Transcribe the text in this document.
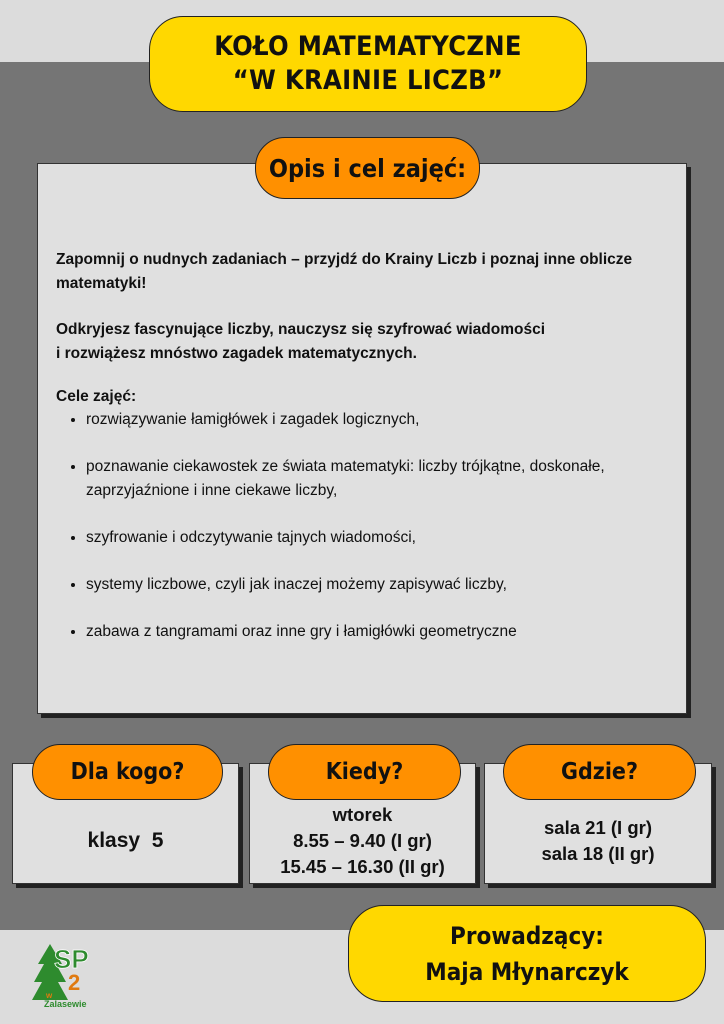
KOŁO MATEMATYCZNE
“W KRAINIE LICZB”
Opis i cel zajęć:

Zapomnij o nudnych zadaniach – przyjdź do Krainy Liczb i poznaj inne oblicze matematyki!

Odkryjesz fascynujące liczby, nauczysz się szyfrować wiadomości
i rozwiążesz mnóstwo zagadek matematycznych.

Cele zajęć:
• rozwiązywanie łamigłówek i zagadek logicznych,
• poznawanie ciekawostek ze świata matematyki: liczby trójkątne, doskonałe, zaprzyjaźnione i inne ciekawe liczby,
• szyfrowanie i odczytywanie tajnych wiadomości,
• systemy liczbowe, czyli jak inaczej możemy zapisywać liczby,
• zabawa z tangramami oraz inne gry i łamigłówki geometryczne
klasy  5
Dla kogo?
wtorek
8.55 – 9.40 (I gr)
15.45 – 16.30 (II gr)
Kiedy?
sala 21 (I gr)
sala 18 (II gr)
Gdzie?
Prowadzący:
Maja Młynarczyk
SP
2
w
Zalasewie
